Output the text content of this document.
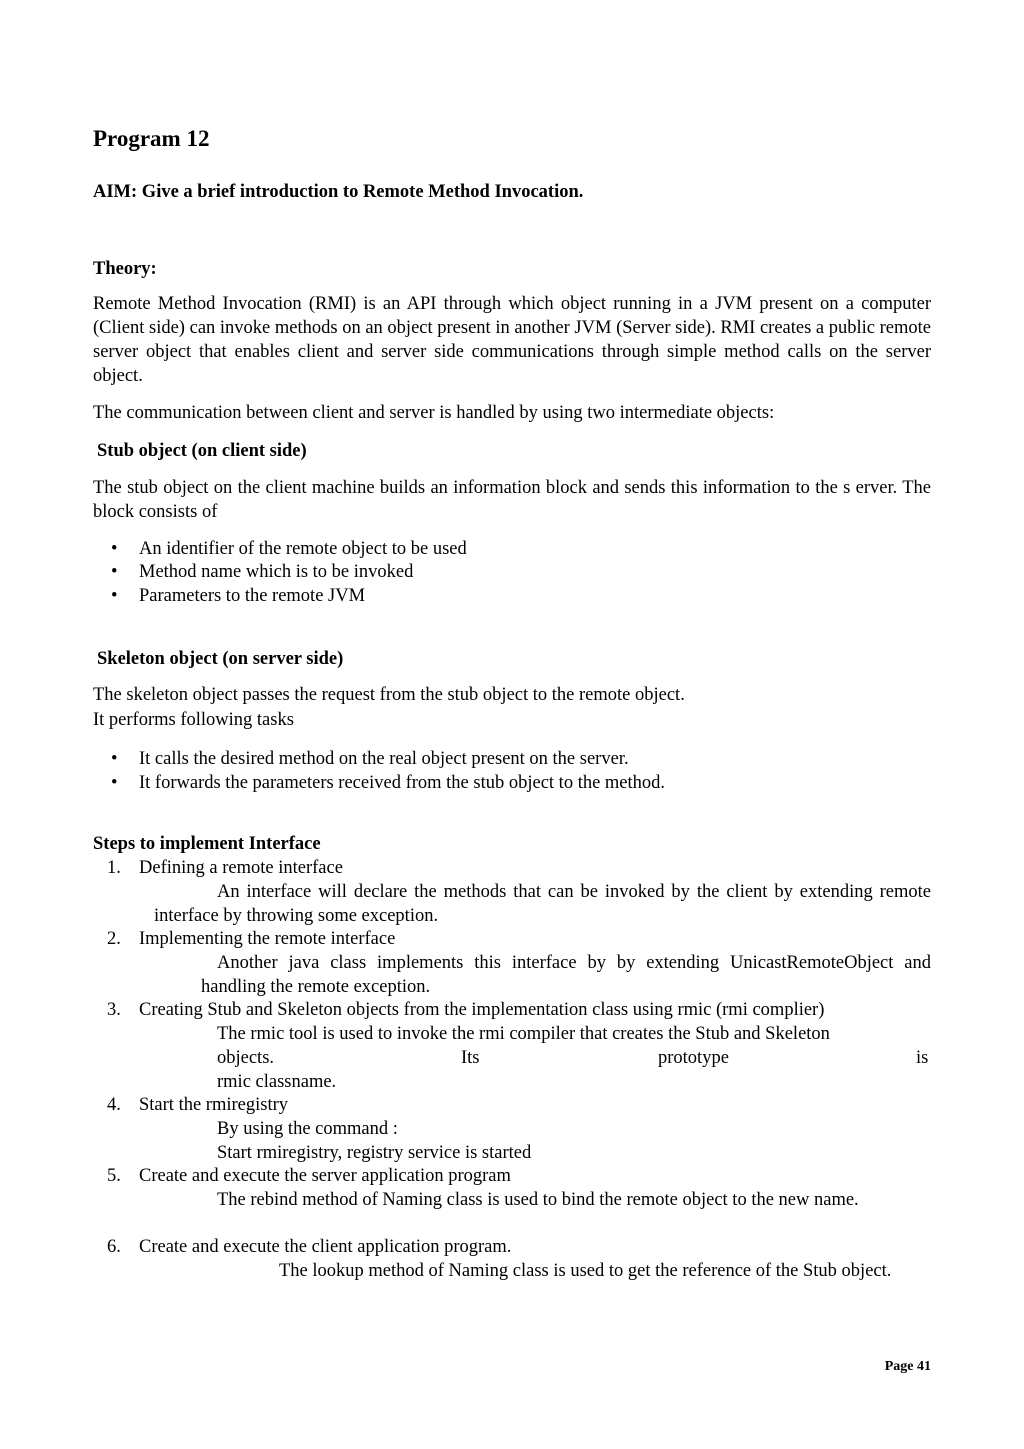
Program 12
AIM: Give a brief introduction to Remote Method Invocation.
Theory:
Remote Method Invocation (RMI) is an API through which object running in a JVM present on a computer (Client side) can invoke methods on an object present in another JVM (Server side). RMI creates a public remote server object that enables client and server side communications through simple method calls on the server object.
The communication between client and server is handled by using two intermediate objects:
Stub object (on client side)
The stub object on the client machine builds an information block and sends this information to the s erver. The block consists of
• An identifier of the remote object to be used
• Method name which is to be invoked
• Parameters to the remote JVM
Skeleton object (on server side)
The skeleton object passes the request from the stub object to the remote object.
It performs following tasks
• It calls the desired method on the real object present on the server.
• It forwards the parameters received from the stub object to the method.
Steps to implement Interface
1. Defining a remote interface
An interface will declare the methods that can be invoked by the client by extending remote interface by throwing some exception.
2. Implementing the remote interface
Another java class implements this interface by by extending UnicastRemoteObject and handling the remote exception.
3. Creating Stub and Skeleton objects from the implementation class using rmic (rmi complier)
The rmic tool is used to invoke the rmi compiler that creates the Stub and Skeleton
objects.	Its	prototype	is
rmic classname.
4. Start the rmiregistry
By using the command :
Start rmiregistry, registry service is started
5. Create and execute the server application program
The rebind method of Naming class is used to bind the remote object to the new name.
6. Create and execute the client application program.
The lookup method of Naming class is used to get the reference of the Stub object.
Page 41
